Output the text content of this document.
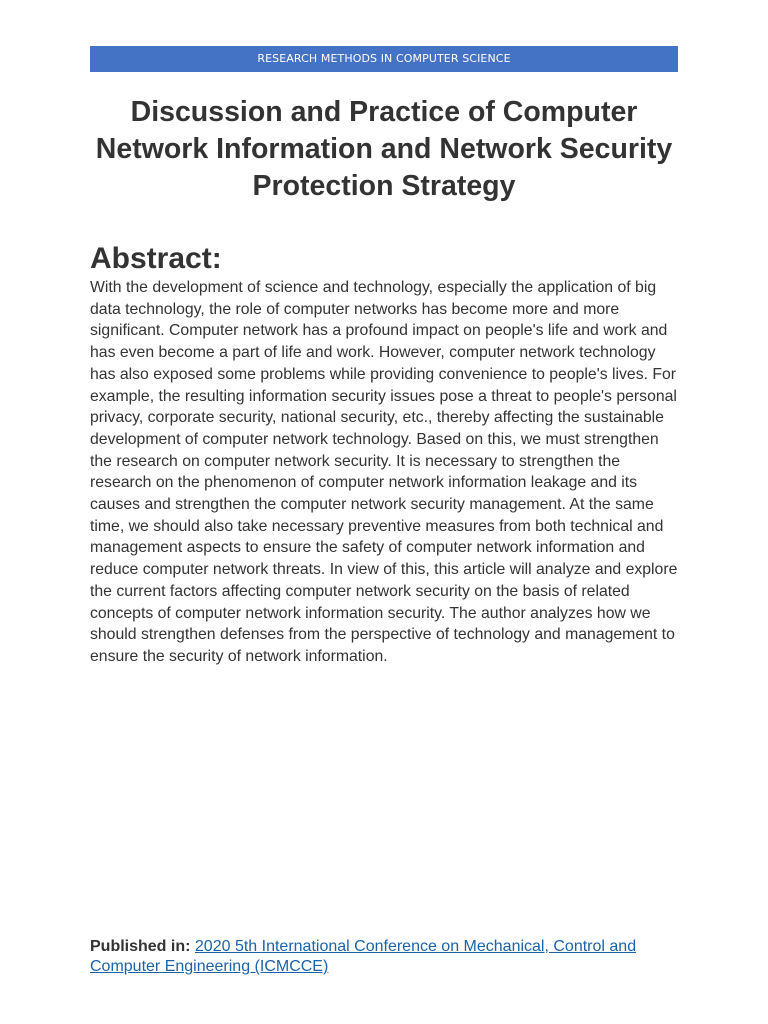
RESEARCH METHODS IN COMPUTER SCIENCE
Discussion and Practice of Computer Network Information and Network Security Protection Strategy
Abstract:

With the development of science and technology, especially the application of big data technology, the role of computer networks has become more and more significant. Computer network has a profound impact on people's life and work and has even become a part of life and work. However, computer network technology has also exposed some problems while providing convenience to people's lives. For example, the resulting information security issues pose a threat to people's personal privacy, corporate security, national security, etc., thereby affecting the sustainable development of computer network technology. Based on this, we must strengthen the research on computer network security. It is necessary to strengthen the research on the phenomenon of computer network information leakage and its causes and strengthen the computer network security management. At the same time, we should also take necessary preventive measures from both technical and management aspects to ensure the safety of computer network information and reduce computer network threats. In view of this, this article will analyze and explore the current factors affecting computer network security on the basis of related concepts of computer network information security. The author analyzes how we should strengthen defenses from the perspective of technology and management to ensure the security of network information.

Published in: 2020 5th International Conference on Mechanical, Control and Computer Engineering (ICMCCE)
